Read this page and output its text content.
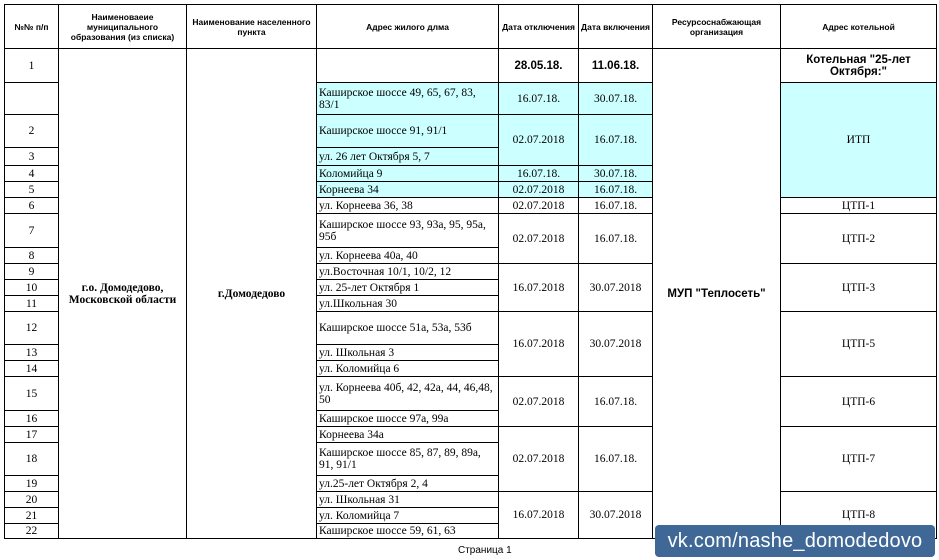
№№ п/п	Наименоваеие муниципального образования (из списка)	Наименование населенного пункта	Адрес жилого длма	Дата отключения	Дата включения	Ресурсоснабжающая организация	Адрес котельной
1	г.о. Домодедово, Московской области	г.Домодедово		28.05.18.	11.06.18.	МУП "Теплосеть"	Котельная "25-лет Октября:"
			Каширское шоссе 49, 65, 67, 83, 83/1	16.07.18.	30.07.18.		ИТП
2			Каширское шоссе 91, 91/1	02.07.2018	16.07.18.		
3			ул. 26 лет Октября 5, 7				
4			Коломийца 9	16.07.18.	30.07.18.		
5			Корнеева 34	02.07.2018	16.07.18.		
6			ул. Корнеева 36, 38	02.07.2018	16.07.18.		ЦТП-1
7			Каширское шоссе 93, 93а, 95, 95а, 95б	02.07.2018	16.07.18.		ЦТП-2
8			ул. Корнеева 40а, 40				
9			ул.Восточная 10/1, 10/2, 12	16.07.2018	30.07.2018		ЦТП-3
10			ул. 25-лет Октября 1				
11			ул.Школьная 30				
12			Каширское шоссе 51а, 53а, 53б	16.07.2018	30.07.2018		ЦТП-5
13			ул. Школьная 3				
14			ул. Коломийца 6				
15			ул. Корнеева 40б, 42, 42а, 44, 46,48, 50	02.07.2018	16.07.18.		ЦТП-6
16			Каширское шоссе 97а, 99а				
17			Корнеева 34а	02.07.2018	16.07.18.		ЦТП-7
18			Каширское шоссе 85, 87, 89, 89а, 91, 91/1				
19			ул.25-лет Октября 2, 4				
20			ул. Школьная 31	16.07.2018	30.07.2018		ЦТП-8
21			ул. Коломийца 7				
22			Каширское шоссе 59, 61, 63				
Страница 1	vk.com/nashe_domodedovo
